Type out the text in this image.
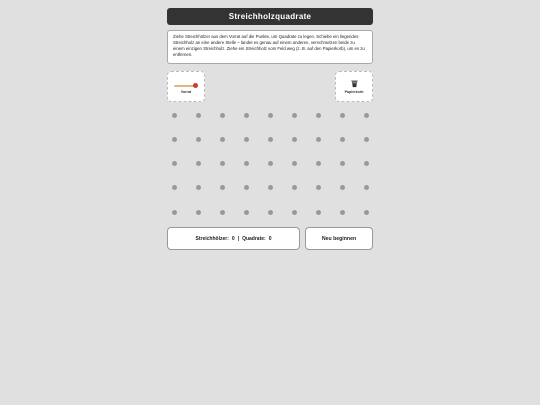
Streichholzquadrate
Ziehe Streichhölzer aus dem Vorrat auf die Punkte, um Quadrate zu legen. Schiebe ein liegendes Streichholz an eine andere Stelle – landet es genau auf einem anderen, verschmelzen beide zu einem einzigen Streichholz. Ziehe ein Streichholz vom Feld weg (z. B. auf den Papierkorb), um es zu entfernen.
Vorrat	Papierkorb
Streichhölzer: 0 | Quadrate: 0	Neu beginnen
